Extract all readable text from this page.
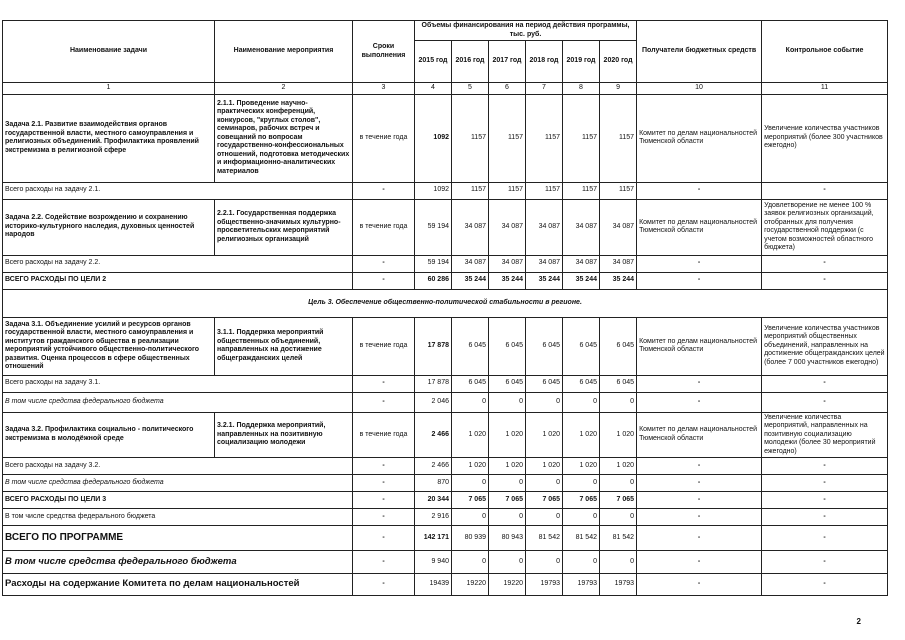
Наименование задачи	Наименование мероприятия	Сроки выполнения	Объемы финансирования на период действия программы, тыс. руб.						Получатели бюджетных средств	Контрольное событие
			2015 год	2016 год	2017 год	2018 год	2019 год	2020 год		
1	2	3	4	5	6	7	8	9	10	11
Задача 2.1. Развитие взаимодействия органов государственной власти, местного самоуправления и религиозных объединений. Профилактика проявлений экстремизма в религиозной сфере	2.1.1. Проведение научно-практических конференций, конкурсов, "круглых столов", семинаров, рабочих встреч и совещаний по вопросам государственно-конфессиональных отношений, подготовка методических и информационно-аналитических материалов	в течение года	1092	1157	1157	1157	1157	1157	Комитет по делам национальностей Тюменской области	Увеличение количества участников мероприятий (более 300 участников ежегодно)
Всего расходы на задачу 2.1.		-	1092	1157	1157	1157	1157	1157	-	-
Задача 2.2. Содействие возрождению и сохранению историко-культурного наследия, духовных ценностей народов	2.2.1. Государственная поддержка общественно-значимых культурно-просветительских мероприятий религиозных организаций	в течение года	59 194	34 087	34 087	34 087	34 087	34 087	Комитет по делам национальностей Тюменской области	Удовлетворение не менее 100 % заявок религиозных организаций, отобранных для получения государственной поддержки (с учетом возможностей областного бюджета)
Всего расходы на задачу 2.2.		-	59 194	34 087	34 087	34 087	34 087	34 087	-	-
ВСЕГО РАСХОДЫ ПО ЦЕЛИ 2		-	60 286	35 244	35 244	35 244	35 244	35 244	-	-
Цель 3. Обеспечение общественно-политической стабильности в регионе.										
Задача 3.1. Объединение усилий и ресурсов органов государственной власти, местного самоуправления и институтов гражданского общества в реализации мероприятий устойчивого общественно-политического развития. Оценка процессов в сфере общественных отношений	3.1.1. Поддержка мероприятий общественных объединений, направленных на достижение общегражданских целей	в течение года	17 878	6 045	6 045	6 045	6 045	6 045	Комитет по делам национальностей Тюменской области	Увеличение количества участников мероприятий общественных объединений, направленных на достижение общегражданских целей (более 7 000 участников ежегодно)
Всего расходы на задачу 3.1.		-	17 878	6 045	6 045	6 045	6 045	6 045	-	-
В том числе средства федерального бюджета		-	2 046	0	0	0	0	0	-	-
Задача 3.2. Профилактика социально - политического экстремизма в молодёжной среде	3.2.1. Поддержка мероприятий, направленных на позитивную социализацию молодежи	в течение года	2 466	1 020	1 020	1 020	1 020	1 020	Комитет по делам национальностей Тюменской области	Увеличение количества мероприятий, направленных на позитивную социализацию молодежи (более 30 мероприятий ежегодно)
Всего расходы на задачу 3.2.		-	2 466	1 020	1 020	1 020	1 020	1 020	-	-
В том числе средства федерального бюджета		-	870	0	0	0	0	0	-	-
ВСЕГО РАСХОДЫ ПО ЦЕЛИ 3		-	20 344	7 065	7 065	7 065	7 065	7 065	-	-
В том числе средства федерального бюджета		-	2 916	0	0	0	0	0	-	-
ВСЕГО ПО ПРОГРАММЕ		-	142 171	80 939	80 943	81 542	81 542	81 542	-	-
В том числе средства федерального бюджета		-	9 940	0	0	0	0	0	-	-
Расходы на содержание Комитета по делам национальностей		-	19439	19220	19220	19793	19793	19793	-	-
2
